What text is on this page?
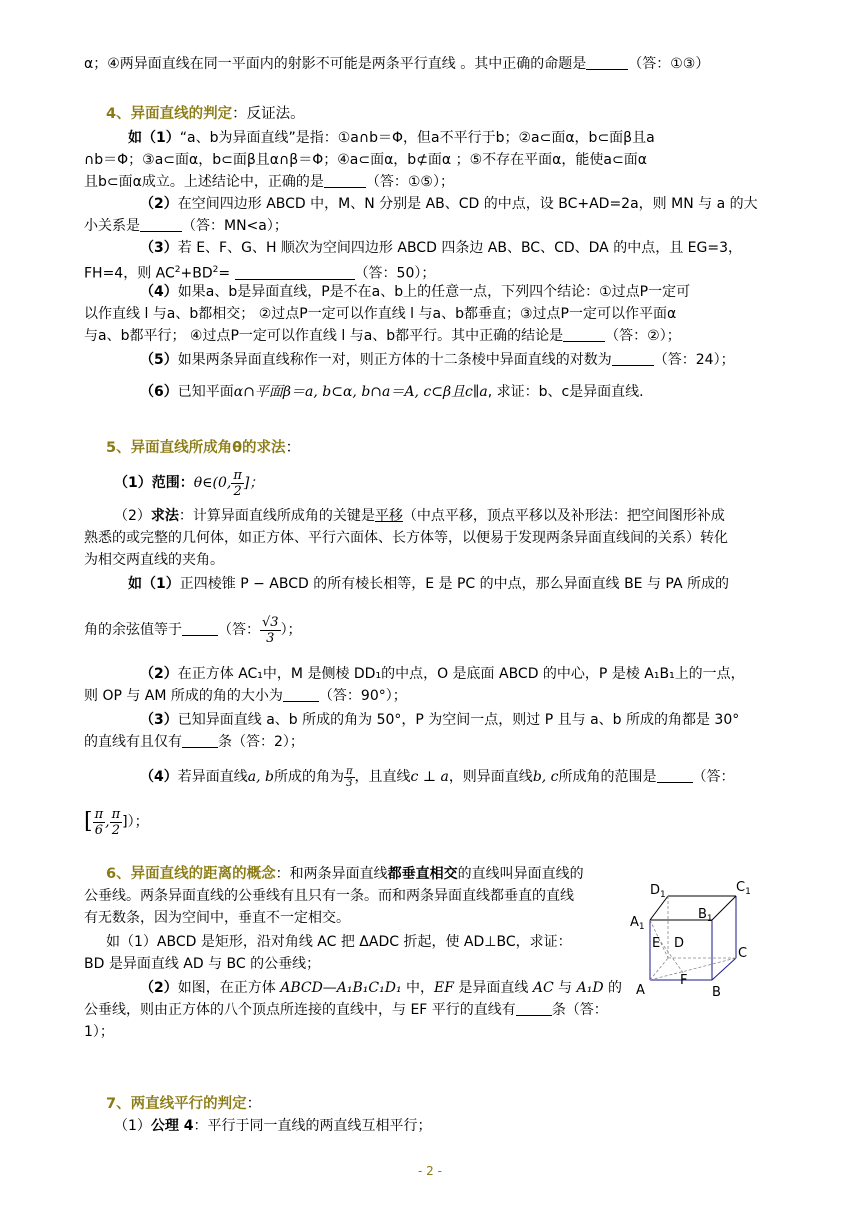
α；④两异面直线在同一平面内的射影不可能是两条平行直线 。其中正确的命题是	（答：①③）
4、异面直线的判定：反证法。
如（1）“a、b为异面直线”是指：①a∩b＝Φ，但a不平行于b；②a⊂面α，b⊂面β且a
∩b＝Φ；③a⊂面α，b⊂面β且α∩β＝Φ；④a⊂面α，b⊄面α ；⑤不存在平面α，能使a⊂面α
且b⊂面α成立。上述结论中，正确的是	（答：①⑤）；
（2）在空间四边形 ABCD 中，M、N 分别是 AB、CD 的中点，设 BC+AD=2a，则 MN 与 a 的大
小关系是	（答：MN<a）；
（3）若 E、F、G、H 顺次为空间四边形 ABCD 四条边 AB、BC、CD、DA 的中点，且 EG=3，
FH=4，则 $AC^2+BD^2=$	（答：50）；
（4）如果a、b是异面直线，P是不在a、b上的任意一点，下列四个结论：①过点P一定可
以作直线 l 与a、b都相交； ②过点P一定可以作直线 l 与a、b都垂直；③过点P一定可以作平面α
与a、b都平行； ④过点P一定可以作直线 l 与a、b都平行。其中正确的结论是	（答：②）；
（5）如果两条异面直线称作一对，则正方体的十二条棱中异面直线的对数为	（答：24）；
（6）已知平面α∩平面β＝a, b⊂α, b∩a＝A, c⊂β且c∥a, 求证：b、c是异面直线.
5、异面直线所成角θ的求法：
（1）范围：θ∈(0, $\frac{\pi}{2}$ ]；
（2）求法：计算异面直线所成角的关键是平移（中点平移，顶点平移以及补形法：把空间图形补成
熟悉的或完整的几何体，如正方体、平行六面体、长方体等，以便易于发现两条异面直线间的关系）转化
为相交两直线的夹角。
如（1）正四棱锥 P − ABCD 的所有棱长相等，E 是 PC 的中点，那么异面直线 BE 与 PA 所成的
角的余弦值等于	（答： $\frac{√3}{3}$ ）；
（2）在正方体 AC₁中，M 是侧棱 DD₁的中点，O 是底面 ABCD 的中心，P 是棱 A₁B₁上的一点，
则 OP 与 AM 所成的角的大小为	（答：90°）；
（3）已知异面直线 a、b 所成的角为 50°，P 为空间一点，则过 P 且与 a、b 所成的角都是 30°
的直线有且仅有	条（答：2）；
（4）若异面直线a, b所成的角为 $\frac{\pi}{3}$ ，且直线c ⊥ a，则异面直线b, c所成角的范围是	（答：
[ $\frac{\pi}{6}$ , $\frac{\pi}{2}$ ]）；
6、异面直线的距离的概念：和两条异面直线都垂直相交的直线叫异面直线的
公垂线。两条异面直线的公垂线有且只有一条。而和两条异面直线都垂直的直线
有无数条，因为空间中，垂直不一定相交。
如（1）ABCD 是矩形，沿对角线 AC 把 ΔADC 折起，使 AD⊥BC，求证：
BD 是异面直线 AD 与 BC 的公垂线；
（2）如图，在正方体 ABCD—A₁B₁C₁D₁ 中，EF 是异面直线 AC 与 A₁D 的
公垂线，则由正方体的八个顶点所连接的直线中，与 EF 平行的直线有	条（答：
1）；
$D_1$	$C_1$
$A_1$
$B_1$
E D
C
F
A	B
7、两直线平行的判定：
（1）公理 4：平行于同一直线的两直线互相平行；
- 2 -
